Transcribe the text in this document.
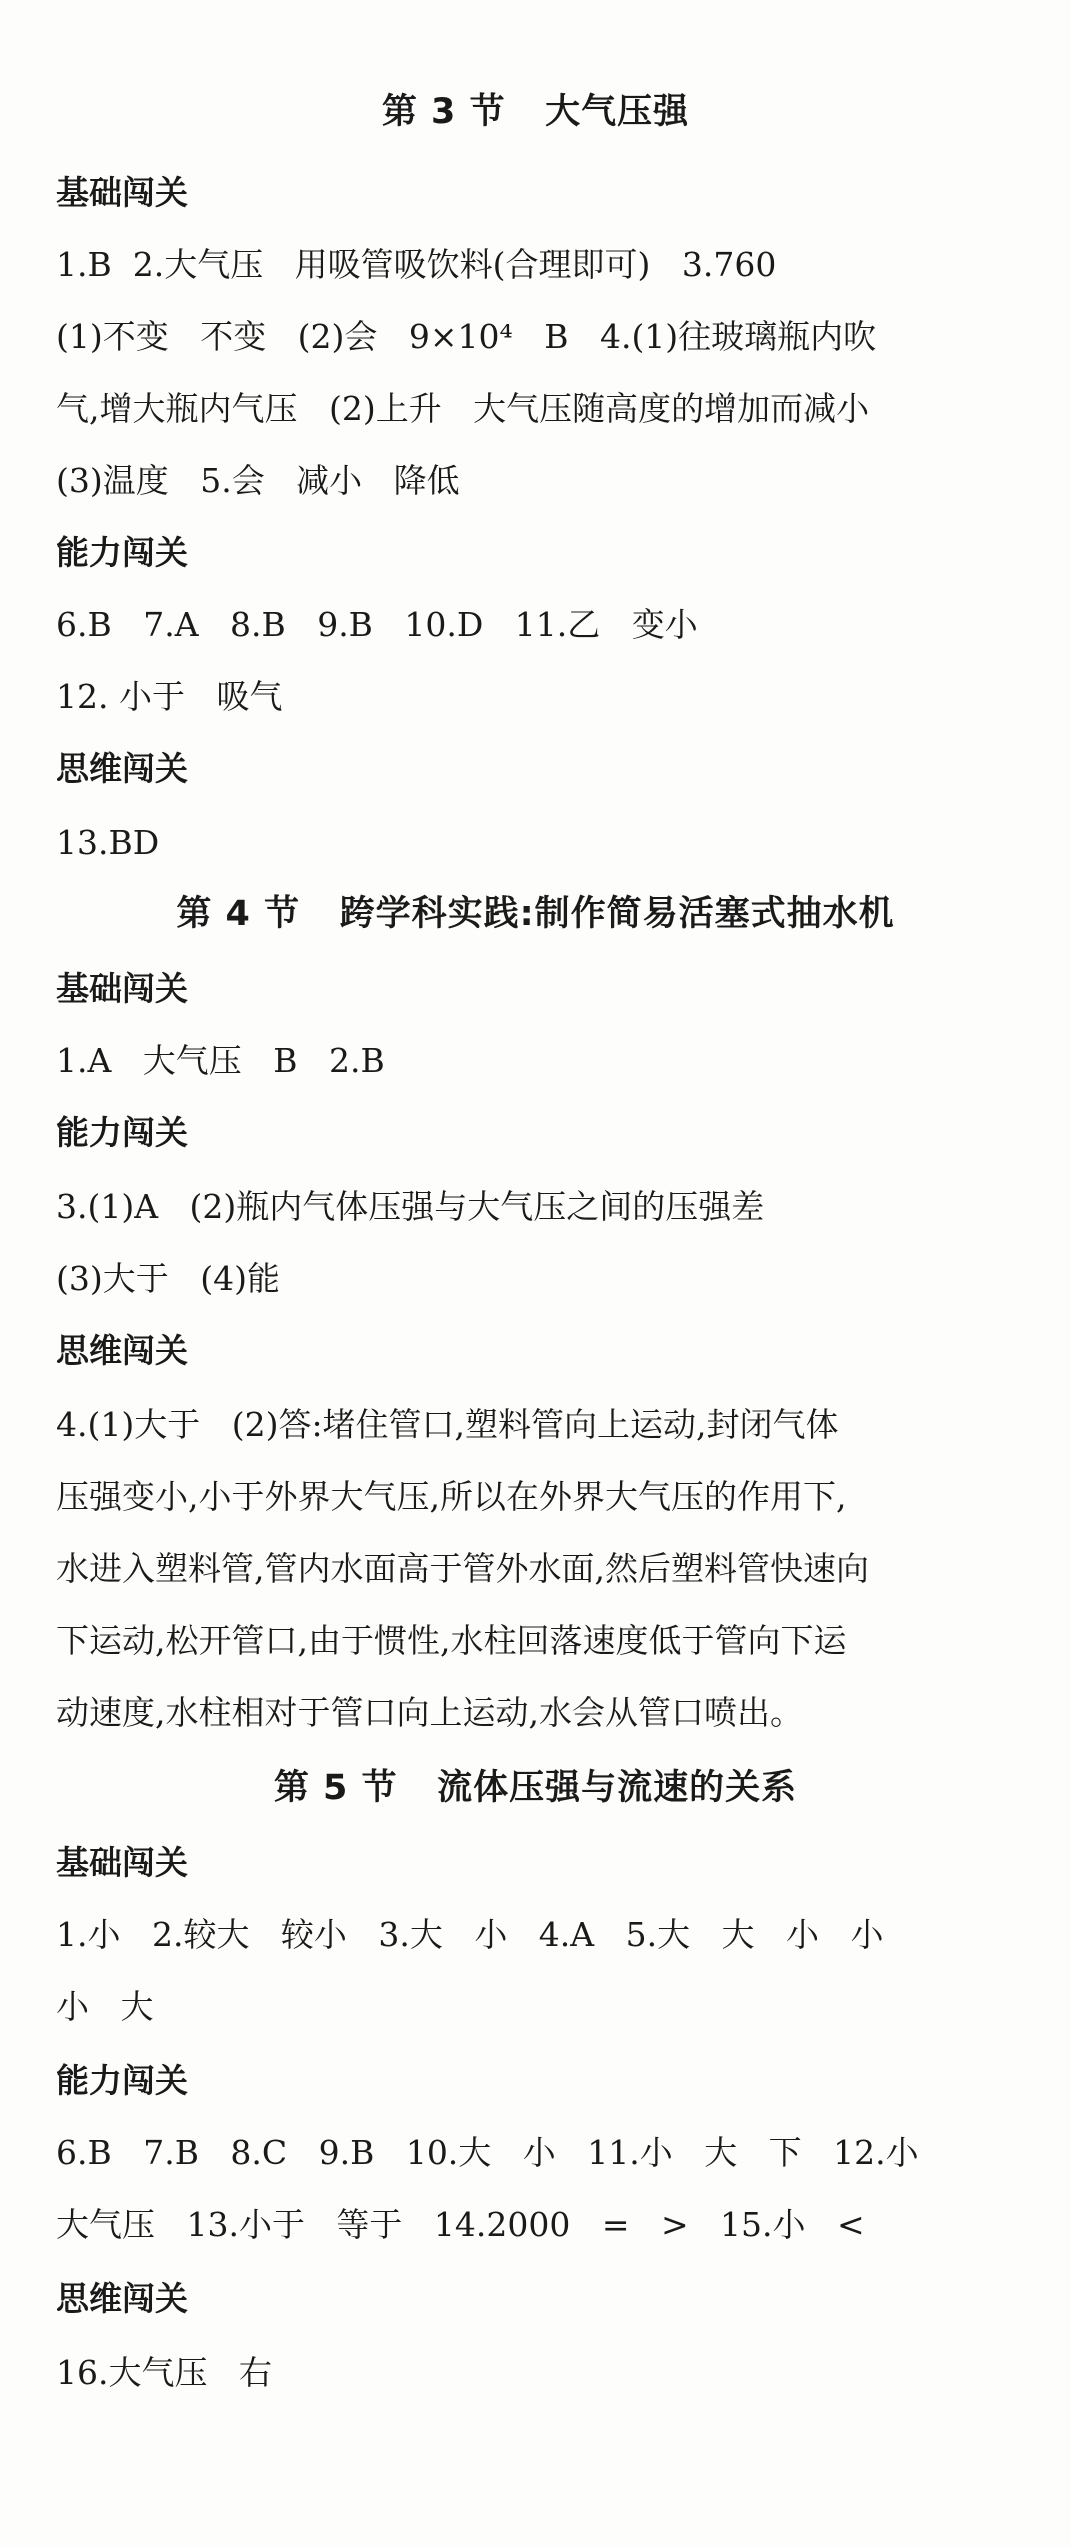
第 3 节   大气压强
基础闯关
1.B  2.大气压   用吸管吸饮料(合理即可)   3.760
(1)不变   不变   (2)会   9×10⁴   B   4.(1)往玻璃瓶内吹
气,增大瓶内气压   (2)上升   大气压随高度的增加而减小
(3)温度   5.会   减小   降低
能力闯关
6.B   7.A   8.B   9.B   10.D   11.乙   变小
12. 小于   吸气
思维闯关
13.BD
第 4 节   跨学科实践:制作简易活塞式抽水机
基础闯关
1.A   大气压   B   2.B
能力闯关
3.(1)A   (2)瓶内气体压强与大气压之间的压强差
(3)大于   (4)能
思维闯关
4.(1)大于   (2)答:堵住管口,塑料管向上运动,封闭气体
压强变小,小于外界大气压,所以在外界大气压的作用下,
水进入塑料管,管内水面高于管外水面,然后塑料管快速向
下运动,松开管口,由于惯性,水柱回落速度低于管向下运
动速度,水柱相对于管口向上运动,水会从管口喷出。
第 5 节   流体压强与流速的关系
基础闯关
1.小   2.较大   较小   3.大   小   4.A   5.大   大   小   小
小   大
能力闯关
6.B   7.B   8.C   9.B   10.大   小   11.小   大   下   12.小
大气压   13.小于   等于   14.2000   =   >   15.小   <
思维闯关
16.大气压   右
